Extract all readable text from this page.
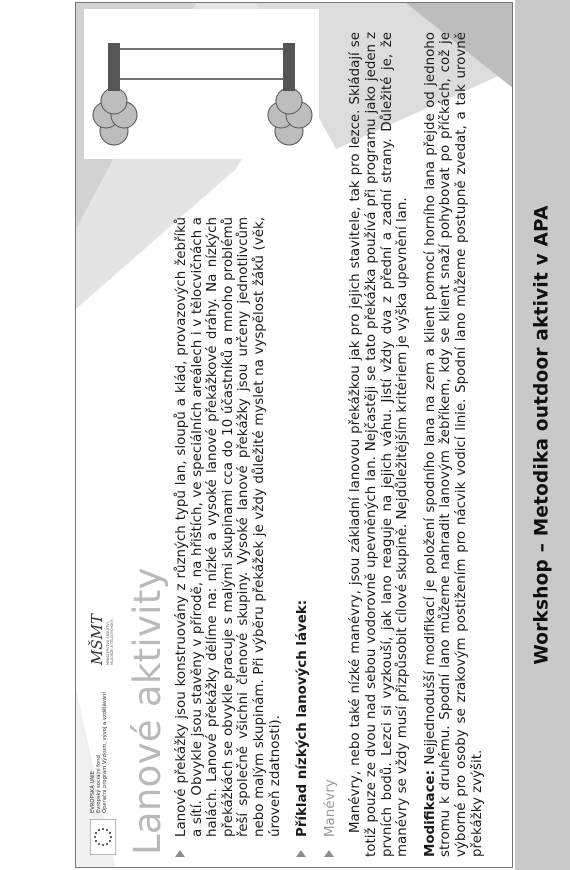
Workshop – Metodika outdoor aktivit v APA
EVROPSKÁ UNIE Evropský sociální fond Operační program Výzkum, vývoj a vzdělávání
MŠMT MINISTERSTVO ŠKOLSTVÍ, MLÁDEŽE A TĚLOVÝCHOVY Lanové aktivity Lanové překážky jsou konstruovány z různých typů lan, sloupů a klád, provazových žebříků a sítí. Obvykle jsou stavěny v přírodě, na hřištích, ve speciálních areálech i v tělocvičnách a halách. Lanové překážky dělíme na: nízké a vysoké lanové překážkové dráhy. Na nízkých překážkách se obvykle pracuje s malými skupinami cca do 10 účastníků a mnoho problémů řeší společně všichni členové skupiny. Vysoké lanové překážky jsou určeny jednotlivcům nebo malým skupinám. Při výběru překážek je vždy důležité myslet na vyspělost žáků (věk, úroveň zdatnosti). Příklad nízkých lanových lávek: Manévry Manévry, nebo také nízké manévry, jsou základní lanovou překážkou jak pro jejich stavitele, tak pro lezce. Skládají se totiž pouze ze dvou nad sebou vodorovně upevněných lan. Nejčastěji se tato překážka používá při programu jako jeden z prvních bodů. Lezci si vyzkouší, jak lano reaguje na jejich váhu. Jistí vždy dva z přední a zadní strany. Důležité je, že manévry se vždy musí přizpůsobit cílové skupině. Nejdůležitějším kritériem je výška upevnění lan. Modifikace: Nejjednodušší modifikací je položení spodního lana na zem a klient pomocí horního lana přejde od jednoho stromu k druhému. Spodní lano můžeme nahradit lanovým žebříkem, kdy se klient snaží pohybovat po příčkách, což je výborné pro osoby se zrakovým postižením pro nácvik vodicí linie. Spodní lano můžeme postupně zvedat, a tak urovně překážky zvýšit.
